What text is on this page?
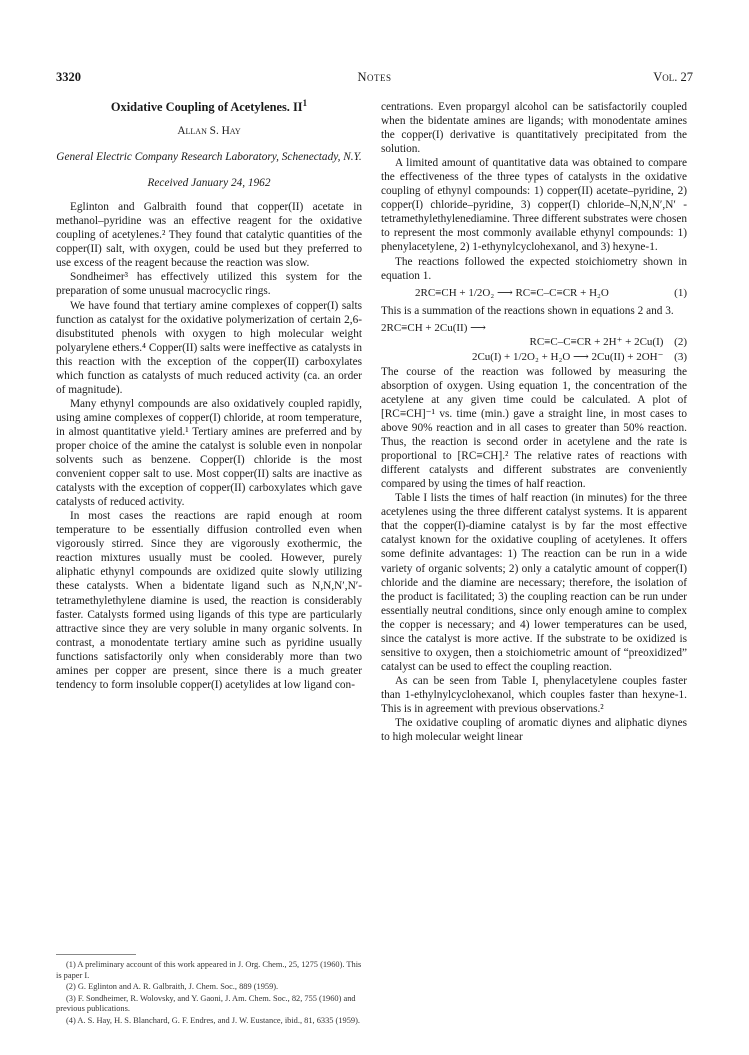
3320	Notes	Vol. 27
Oxidative Coupling of Acetylenes. $II^1$
Allan S. Hay
General Electric Company Research Laboratory, Schenectady, N.Y.
Received January 24, 1962

Eglinton and Galbraith found that copper(II) acetate in methanol–pyridine was an effective reagent for the oxidative coupling of acetylenes.² They found that catalytic quantities of the copper(II) salt, with oxygen, could be used but they preferred to use excess of the reagent because the reaction was slow.

Sondheimer³ has effectively utilized this system for the preparation of some unusual macrocyclic rings.

We have found that tertiary amine complexes of copper(I) salts function as catalyst for the oxidative polymerization of certain 2,6-disubstituted phenols with oxygen to high molecular weight polyarylene ethers.⁴ Copper(II) salts were ineffective as catalysts in this reaction with the exception of the copper(II) carboxylates which function as catalysts of much reduced activity (ca. an order of magnitude).

Many ethynyl compounds are also oxidatively coupled rapidly, using amine complexes of copper(I) chloride, at room temperature, in almost quantitative yield.¹ Tertiary amines are preferred and by proper choice of the amine the catalyst is soluble even in nonpolar solvents such as benzene. Copper(I) chloride is the most convenient copper salt to use. Most copper(II) salts are inactive as catalysts with the exception of copper(II) carboxylates which gave catalysts of reduced activity.

In most cases the reactions are rapid enough at room temperature to be essentially diffusion controlled even when vigorously stirred. Since they are vigorously exothermic, the reaction mixtures usually must be cooled. However, purely aliphatic ethynyl compounds are oxidized quite slowly utilizing these catalysts. When a bidentate ligand such as N,N,N′,N′-tetramethylethylene diamine is used, the reaction is considerably faster. Catalysts formed using ligands of this type are particularly attractive since they are very soluble in many organic solvents. In contrast, a monodentate tertiary amine such as pyridine usually functions satisfactorily only when considerably more than two amines per copper are present, since there is a much greater tendency to form insoluble copper(I) acetylides at low ligand con-

(1) A preliminary account of this work appeared in J. Org. Chem., 25, 1275 (1960). This is paper I.

(2) G. Eglinton and A. R. Galbraith, J. Chem. Soc., 889 (1959).

(3) F. Sondheimer, R. Wolovsky, and Y. Gaoni, J. Am. Chem. Soc., 82, 755 (1960) and previous publications.

(4) A. S. Hay, H. S. Blanchard, G. F. Endres, and J. W. Eustance, ibid., 81, 6335 (1959).

centrations. Even propargyl alcohol can be satisfactorily coupled when the bidentate amines are ligands; with monodentate amines the copper(I) derivative is quantitatively precipitated from the solution.

A limited amount of quantitative data was obtained to compare the effectiveness of the three types of catalysts in the oxidative coupling of ethynyl compounds: 1) copper(II) acetate–pyridine, 2) copper(I) chloride–pyridine, 3) copper(I) chloride–N,N,N′,N′ - tetramethylethylenediamine. Three different substrates were chosen to represent the most commonly available ethynyl compounds: 1) phenylacetylene, 2) 1-ethynylcyclohexanol, and 3) hexyne-1.

The reactions followed the expected stoichiometry shown in equation 1.

2RC≡CH + 1/2O₂ ⟶ RC≡C–C≡CR + H₂O	(1)

This is a summation of the reactions shown in equations 2 and 3.

2RC≡CH + 2Cu(II) ⟶
RC≡C–C≡CR + 2H⁺ + 2Cu(I) (2)
2Cu(I) + 1/2O₂ + H₂O ⟶ 2Cu(II) + 2OH⁻ (3)

The course of the reaction was followed by measuring the absorption of oxygen. Using equation 1, the concentration of the acetylene at any given time could be calculated. A plot of [RC≡CH]⁻¹ vs. time (min.) gave a straight line, in most cases to above 90% reaction and in all cases to greater than 50% reaction. Thus, the reaction is second order in acetylene and the rate is proportional to [RC≡CH].² The relative rates of reactions with different catalysts and different substrates are conveniently compared by using the times of half reaction.

Table I lists the times of half reaction (in minutes) for the three acetylenes using the three different catalyst systems. It is apparent that the copper(I)-diamine catalyst is by far the most effective catalyst known for the oxidative coupling of acetylenes. It offers some definite advantages: 1) The reaction can be run in a wide variety of organic solvents; 2) only a catalytic amount of copper(I) chloride and the diamine are necessary; therefore, the isolation of the product is facilitated; 3) the coupling reaction can be run under essentially neutral conditions, since only enough amine to complex the copper is necessary; and 4) lower temperatures can be used, since the catalyst is more active. If the substrate to be oxidized is sensitive to oxygen, then a stoichiometric amount of “preoxidized” catalyst can be used to effect the coupling reaction.

As can be seen from Table I, phenylacetylene couples faster than 1-ethylnylcyclohexanol, which couples faster than hexyne-1. This is in agreement with previous observations.²

The oxidative coupling of aromatic diynes and aliphatic diynes to high molecular weight linear
